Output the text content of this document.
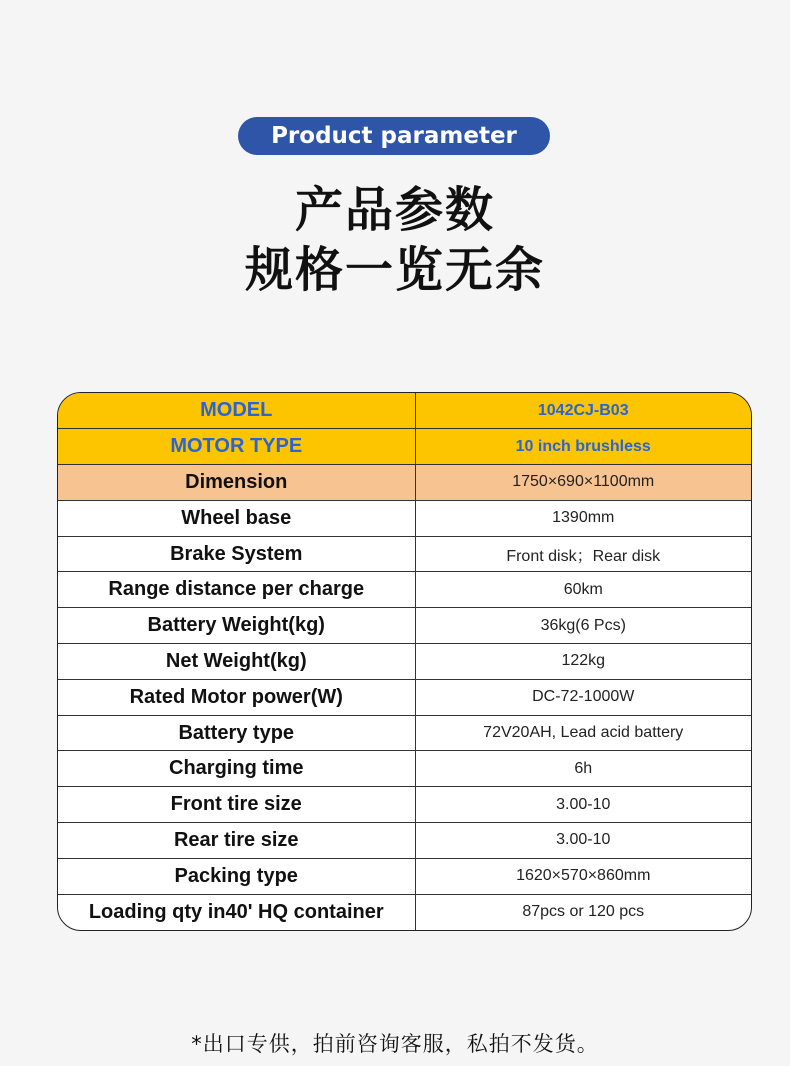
Product parameter
产品参数
规格一览无余
MODEL	1042CJ-B03
MOTOR TYPE	10 inch brushless
Dimension	1750×690×1100mm
Wheel base	1390mm
Brake System	Front disk；Rear disk
Range distance per charge	60km
Battery Weight(kg)	36kg(6 Pcs)
Net Weight(kg)	122kg
Rated Motor power(W)	DC-72-1000W
Battery type	72V20AH, Lead acid battery
Charging time	6h
Front tire size	3.00-10
Rear tire size	3.00-10
Packing type	1620×570×860mm
Loading qty in40' HQ container	87pcs or 120 pcs
*出口专供，拍前咨询客服，私拍不发货。
